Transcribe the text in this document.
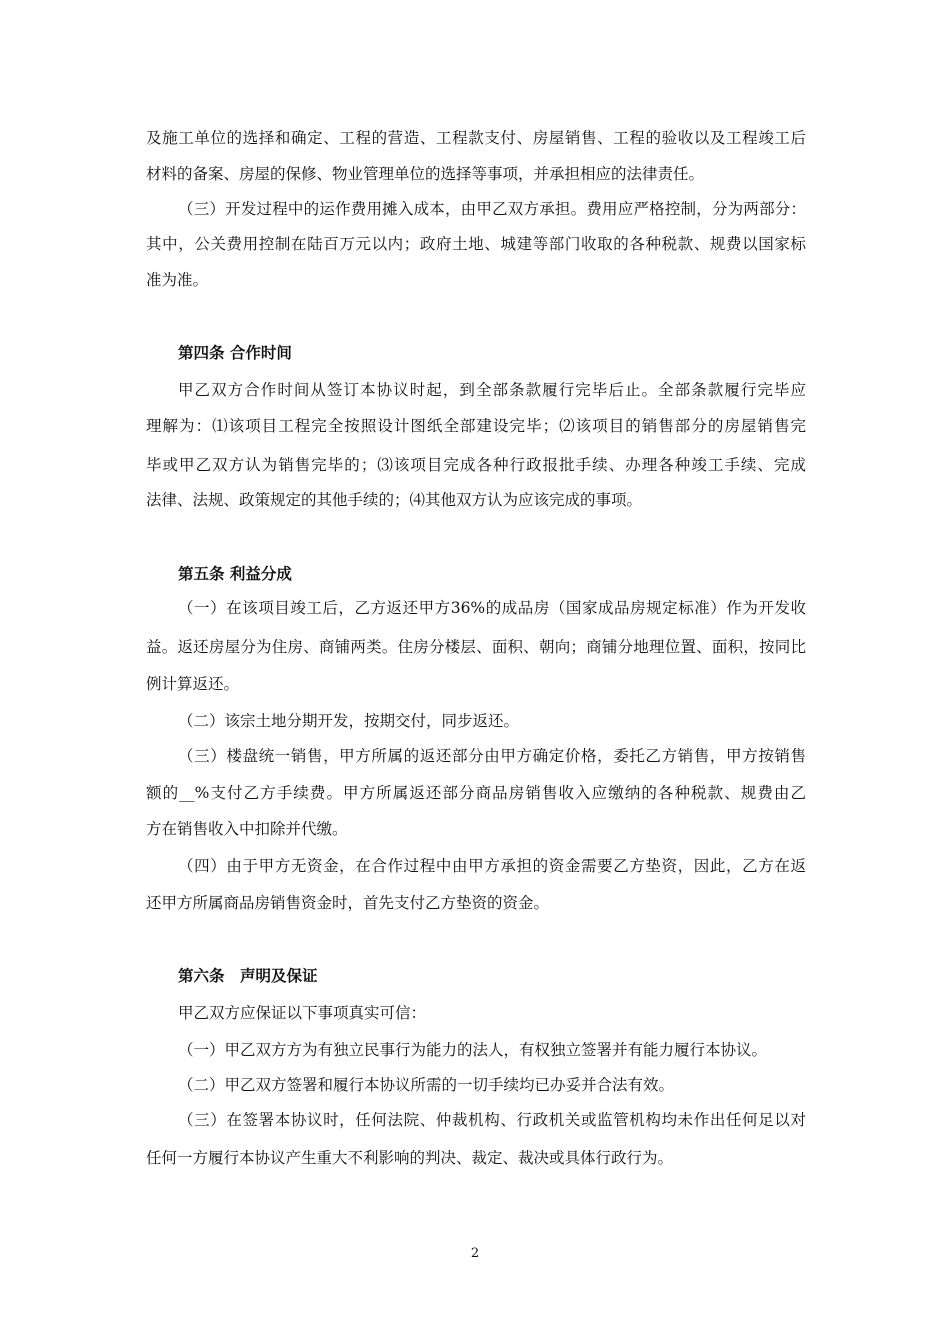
及施工单位的选择和确定、工程的营造、工程款支付、房屋销售、工程的验收以及工程竣工后
材料的备案、房屋的保修、物业管理单位的选择等事项，并承担相应的法律责任。
（三）开发过程中的运作费用摊入成本，由甲乙双方承担。费用应严格控制，分为两部分：
其中，公关费用控制在陆百万元以内；政府土地、城建等部门收取的各种税款、规费以国家标
准为准。
第四条 合作时间
甲乙双方合作时间从签订本协议时起，到全部条款履行完毕后止。全部条款履行完毕应
理解为：⑴该项目工程完全按照设计图纸全部建设完毕；⑵该项目的销售部分的房屋销售完
毕或甲乙双方认为销售完毕的；⑶该项目完成各种行政报批手续、办理各种竣工手续、完成
法律、法规、政策规定的其他手续的；⑷其他双方认为应该完成的事项。
第五条 利益分成
（一）在该项目竣工后，乙方返还甲方36%的成品房（国家成品房规定标准）作为开发收
益。返还房屋分为住房、商铺两类。住房分楼层、面积、朝向；商铺分地理位置、面积，按同比
例计算返还。
（二）该宗土地分期开发，按期交付，同步返还。
（三）楼盘统一销售，甲方所属的返还部分由甲方确定价格，委托乙方销售，甲方按销售
额的__%支付乙方手续费。甲方所属返还部分商品房销售收入应缴纳的各种税款、规费由乙
方在销售收入中扣除并代缴。
（四）由于甲方无资金，在合作过程中由甲方承担的资金需要乙方垫资，因此，乙方在返
还甲方所属商品房销售资金时，首先支付乙方垫资的资金。
第六条　声明及保证
甲乙双方应保证以下事项真实可信：
（一）甲乙双方方为有独立民事行为能力的法人，有权独立签署并有能力履行本协议。
（二）甲乙双方签署和履行本协议所需的一切手续均已办妥并合法有效。
（三）在签署本协议时，任何法院、仲裁机构、行政机关或监管机构均未作出任何足以对
任何一方履行本协议产生重大不利影响的判决、裁定、裁决或具体行政行为。
2
